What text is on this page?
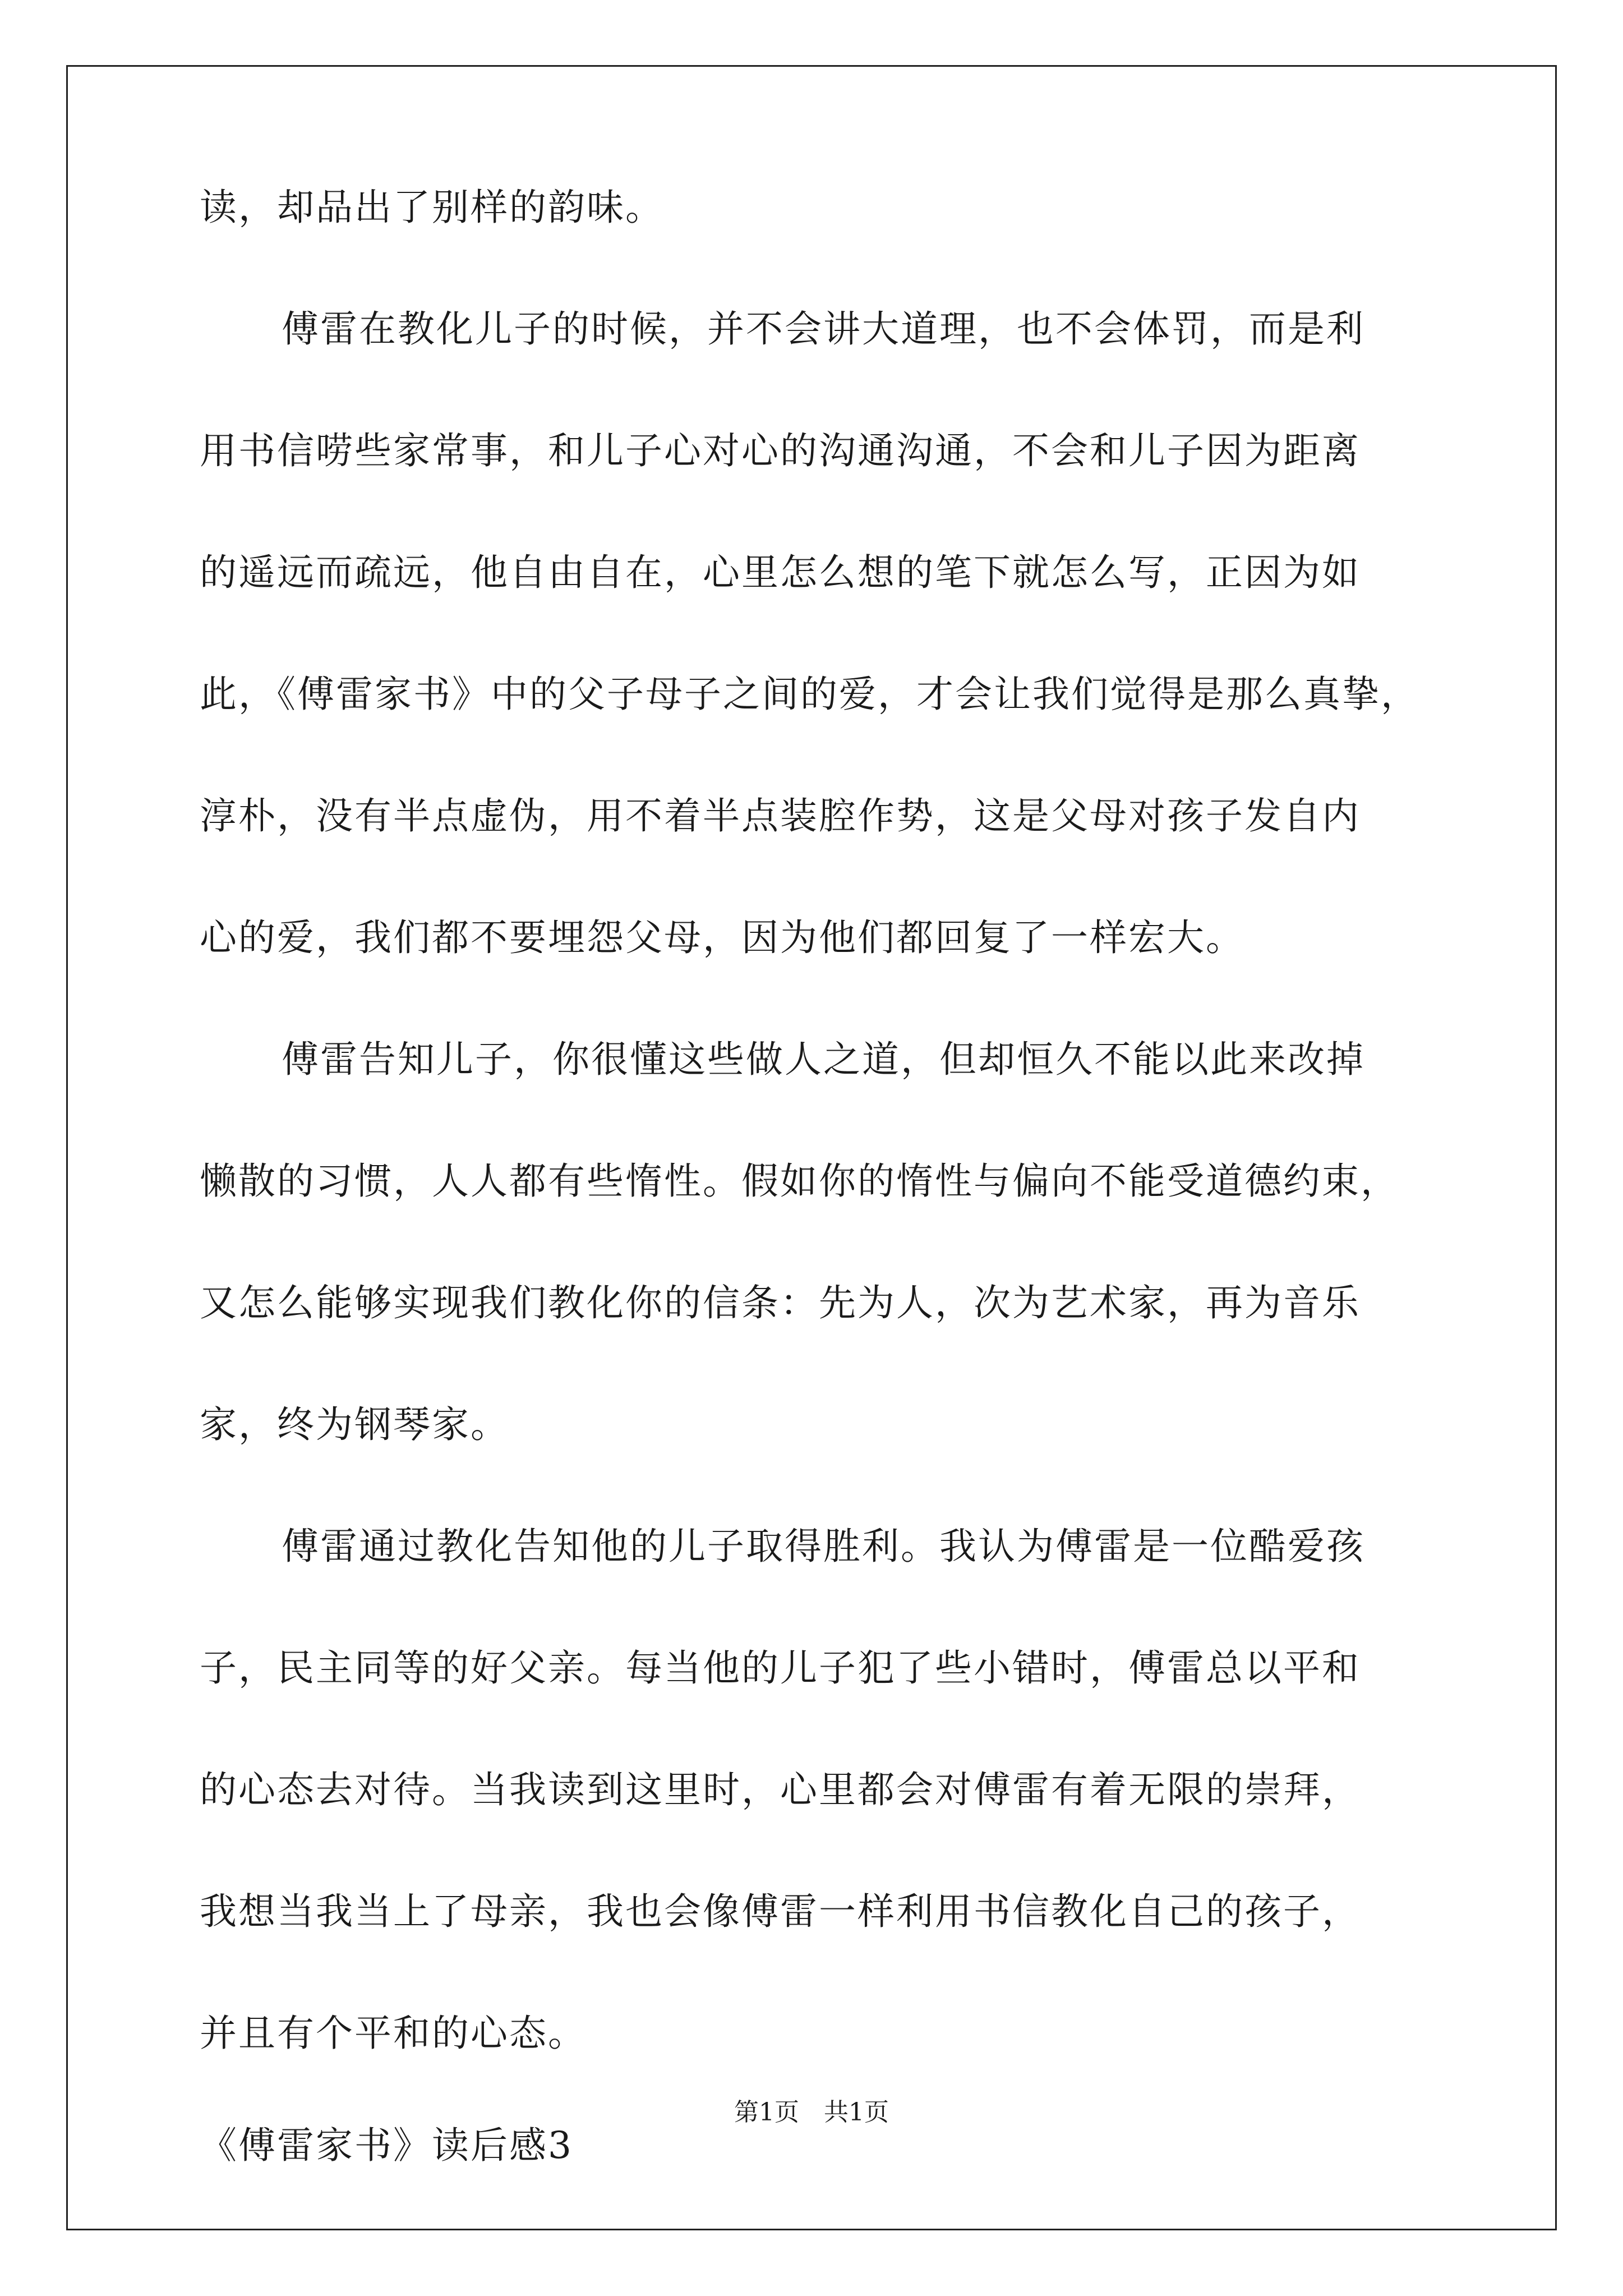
读，却品出了别样的韵味。
傅雷在教化儿子的时候，并不会讲大道理，也不会体罚，而是利
用书信唠些家常事，和儿子心对心的沟通沟通，不会和儿子因为距离
的遥远而疏远，他自由自在，心里怎么想的笔下就怎么写，正因为如
此，《傅雷家书》中的父子母子之间的爱，才会让我们觉得是那么真挚，
淳朴，没有半点虚伪，用不着半点装腔作势，这是父母对孩子发自内
心的爱，我们都不要埋怨父母，因为他们都回复了一样宏大。
傅雷告知儿子，你很懂这些做人之道，但却恒久不能以此来改掉
懒散的习惯，人人都有些惰性。假如你的惰性与偏向不能受道德约束，
又怎么能够实现我们教化你的信条：先为人，次为艺术家，再为音乐
家，终为钢琴家。
傅雷通过教化告知他的儿子取得胜利。我认为傅雷是一位酷爱孩
子，民主同等的好父亲。每当他的儿子犯了些小错时，傅雷总以平和
的心态去对待。当我读到这里时，心里都会对傅雷有着无限的崇拜，
我想当我当上了母亲，我也会像傅雷一样利用书信教化自己的孩子，
并且有个平和的心态。
《傅雷家书》读后感3
第1页　共1页
